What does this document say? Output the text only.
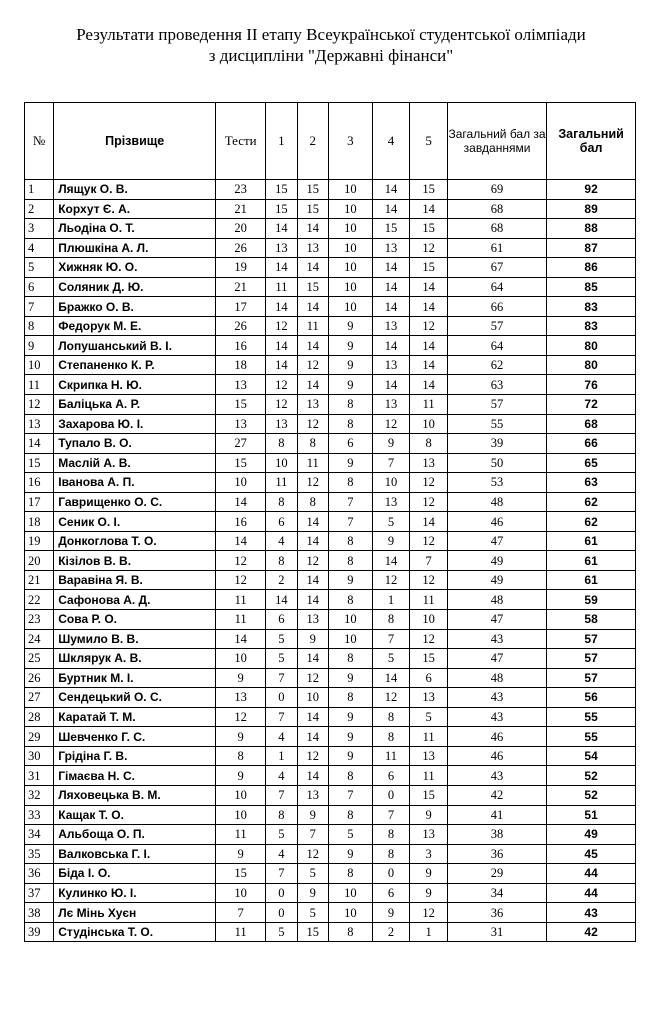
Результати проведення ІІ етапу Всеукраїнської студентської олімпіади
з дисципліни "Державні фінанси"
№	Прізвище	Тести	1	2	3	4	5	Загальний бал за завданнями	Загальний бал
1	Лящук О. В.	23	15	15	10	14	15	69	92
2	Корхут Є. А.	21	15	15	10	14	14	68	89
3	Льодіна О. Т.	20	14	14	10	15	15	68	88
4	Плюшкіна А. Л.	26	13	13	10	13	12	61	87
5	Хижняк Ю. О.	19	14	14	10	14	15	67	86
6	Соляник Д. Ю.	21	11	15	10	14	14	64	85
7	Бражко О. В.	17	14	14	10	14	14	66	83
8	Федорук М. Е.	26	12	11	9	13	12	57	83
9	Лопушанський В. І.	16	14	14	9	14	14	64	80
10	Степаненко К. Р.	18	14	12	9	13	14	62	80
11	Скрипка Н. Ю.	13	12	14	9	14	14	63	76
12	Баліцька А. Р.	15	12	13	8	13	11	57	72
13	Захарова Ю. І.	13	13	12	8	12	10	55	68
14	Тупало В. О.	27	8	8	6	9	8	39	66
15	Маслій А. В.	15	10	11	9	7	13	50	65
16	Іванова А. П.	10	11	12	8	10	12	53	63
17	Гаврищенко О. С.	14	8	8	7	13	12	48	62
18	Сеник О. І.	16	6	14	7	5	14	46	62
19	Донкоглова Т. О.	14	4	14	8	9	12	47	61
20	Кізілов В. В.	12	8	12	8	14	7	49	61
21	Варавіна Я. В.	12	2	14	9	12	12	49	61
22	Сафонова А. Д.	11	14	14	8	1	11	48	59
23	Сова Р. О.	11	6	13	10	8	10	47	58
24	Шумило В. В.	14	5	9	10	7	12	43	57
25	Шклярук А. В.	10	5	14	8	5	15	47	57
26	Буртник М. І.	9	7	12	9	14	6	48	57
27	Сендецький О. С.	13	0	10	8	12	13	43	56
28	Каратай Т. М.	12	7	14	9	8	5	43	55
29	Шевченко Г. С.	9	4	14	9	8	11	46	55
30	Грідіна Г. В.	8	1	12	9	11	13	46	54
31	Гімаєва Н. С.	9	4	14	8	6	11	43	52
32	Ляховецька В. М.	10	7	13	7	0	15	42	52
33	Кащак Т. О.	10	8	9	8	7	9	41	51
34	Альбоща О. П.	11	5	7	5	8	13	38	49
35	Валковська Г. І.	9	4	12	9	8	3	36	45
36	Біда І. О.	15	7	5	8	0	9	29	44
37	Кулинко Ю. І.	10	0	9	10	6	9	34	44
38	Лє Мінь Хуєн	7	0	5	10	9	12	36	43
39	Студінська Т. О.	11	5	15	8	2	1	31	42
